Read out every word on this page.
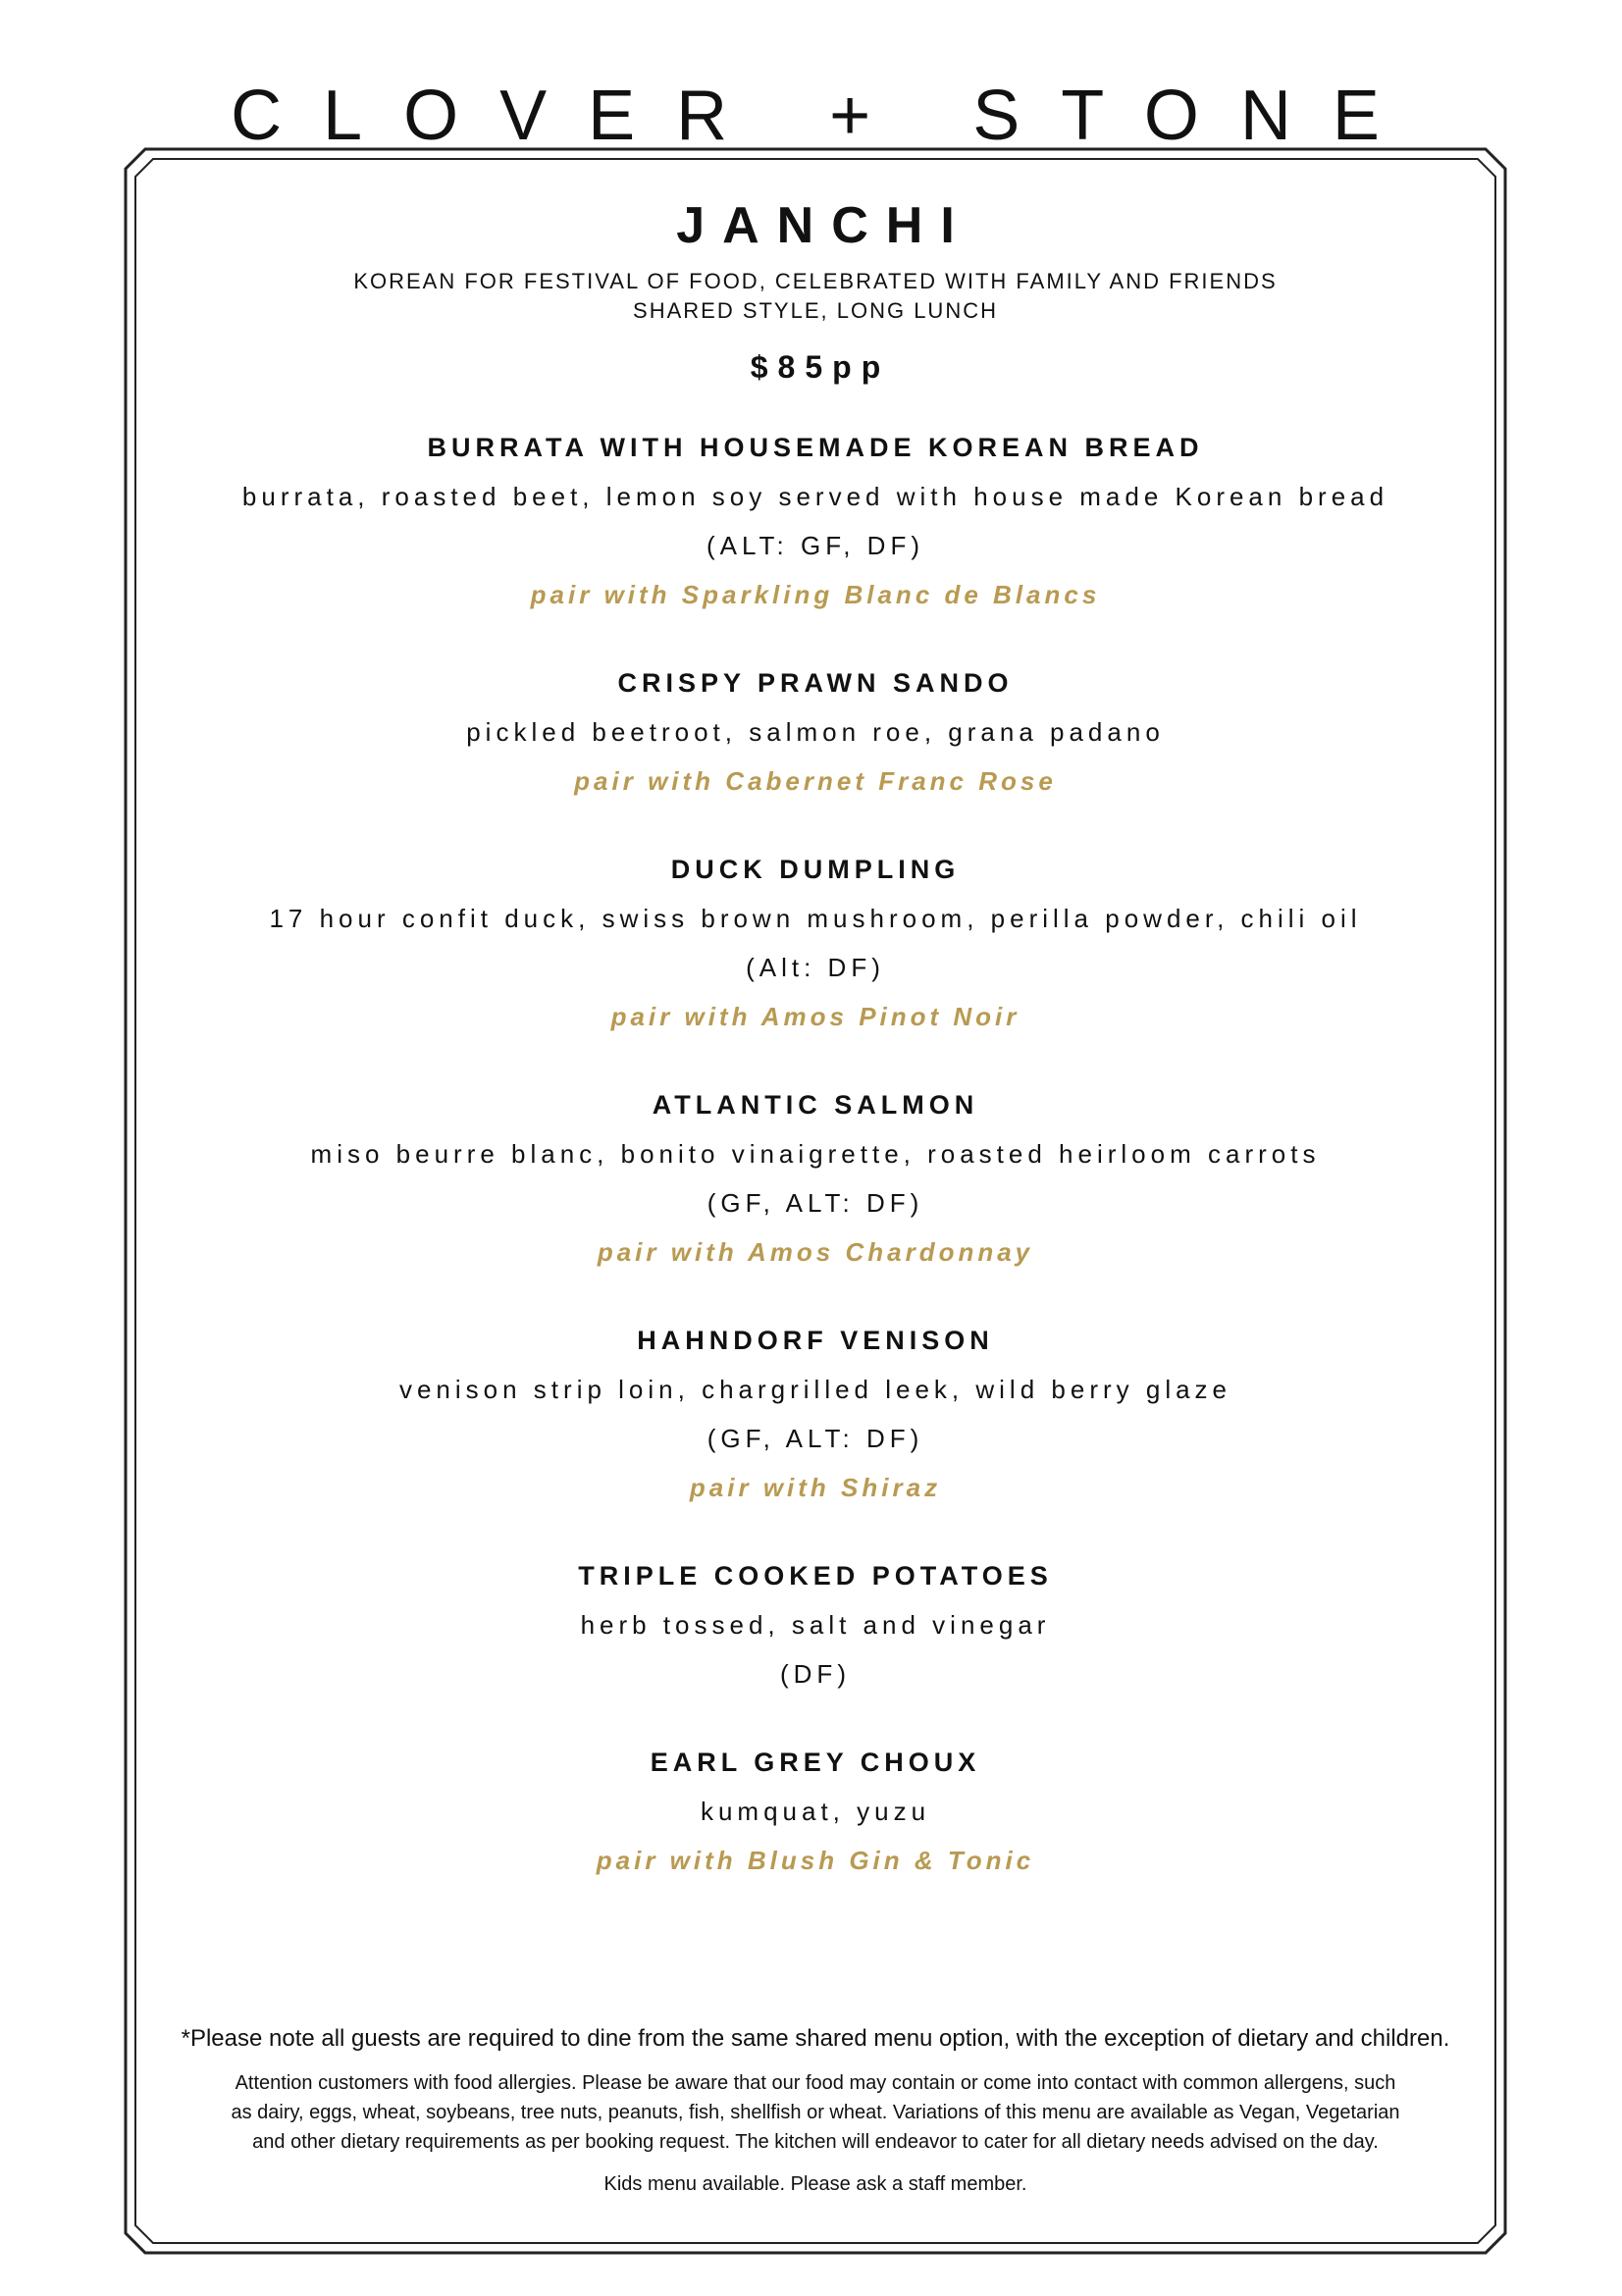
CLOVER + STONE
JANCHI
KOREAN FOR FESTIVAL OF FOOD, CELEBRATED WITH FAMILY AND FRIENDS
SHARED STYLE, LONG LUNCH
$85pp
BURRATA WITH HOUSEMADE KOREAN BREAD
burrata, roasted beet, lemon soy served with house made Korean bread
(ALT: GF, DF)
pair with Sparkling Blanc de Blancs
CRISPY PRAWN SANDO
pickled beetroot, salmon roe, grana padano
pair with Cabernet Franc Rose
DUCK DUMPLING
17 hour confit duck, swiss brown mushroom, perilla powder, chili oil
(Alt: DF)
pair with Amos Pinot Noir
ATLANTIC SALMON
miso beurre blanc, bonito vinaigrette, roasted heirloom carrots
(GF, ALT: DF)
pair with Amos Chardonnay
HAHNDORF VENISON
venison strip loin, chargrilled leek, wild berry glaze
(GF, ALT: DF)
pair with Shiraz
TRIPLE COOKED POTATOES
herb tossed, salt and vinegar
(DF)
EARL GREY CHOUX
kumquat, yuzu
pair with Blush Gin & Tonic
*Please note all guests are required to dine from the same shared menu option, with the exception of dietary and children.
Attention customers with food allergies. Please be aware that our food may contain or come into contact with common allergens, such
as dairy, eggs, wheat, soybeans, tree nuts, peanuts, fish, shellfish or wheat. Variations of this menu are available as Vegan, Vegetarian
and other dietary requirements as per booking request. The kitchen will endeavor to cater for all dietary needs advised on the day.
Kids menu available. Please ask a staff member.
